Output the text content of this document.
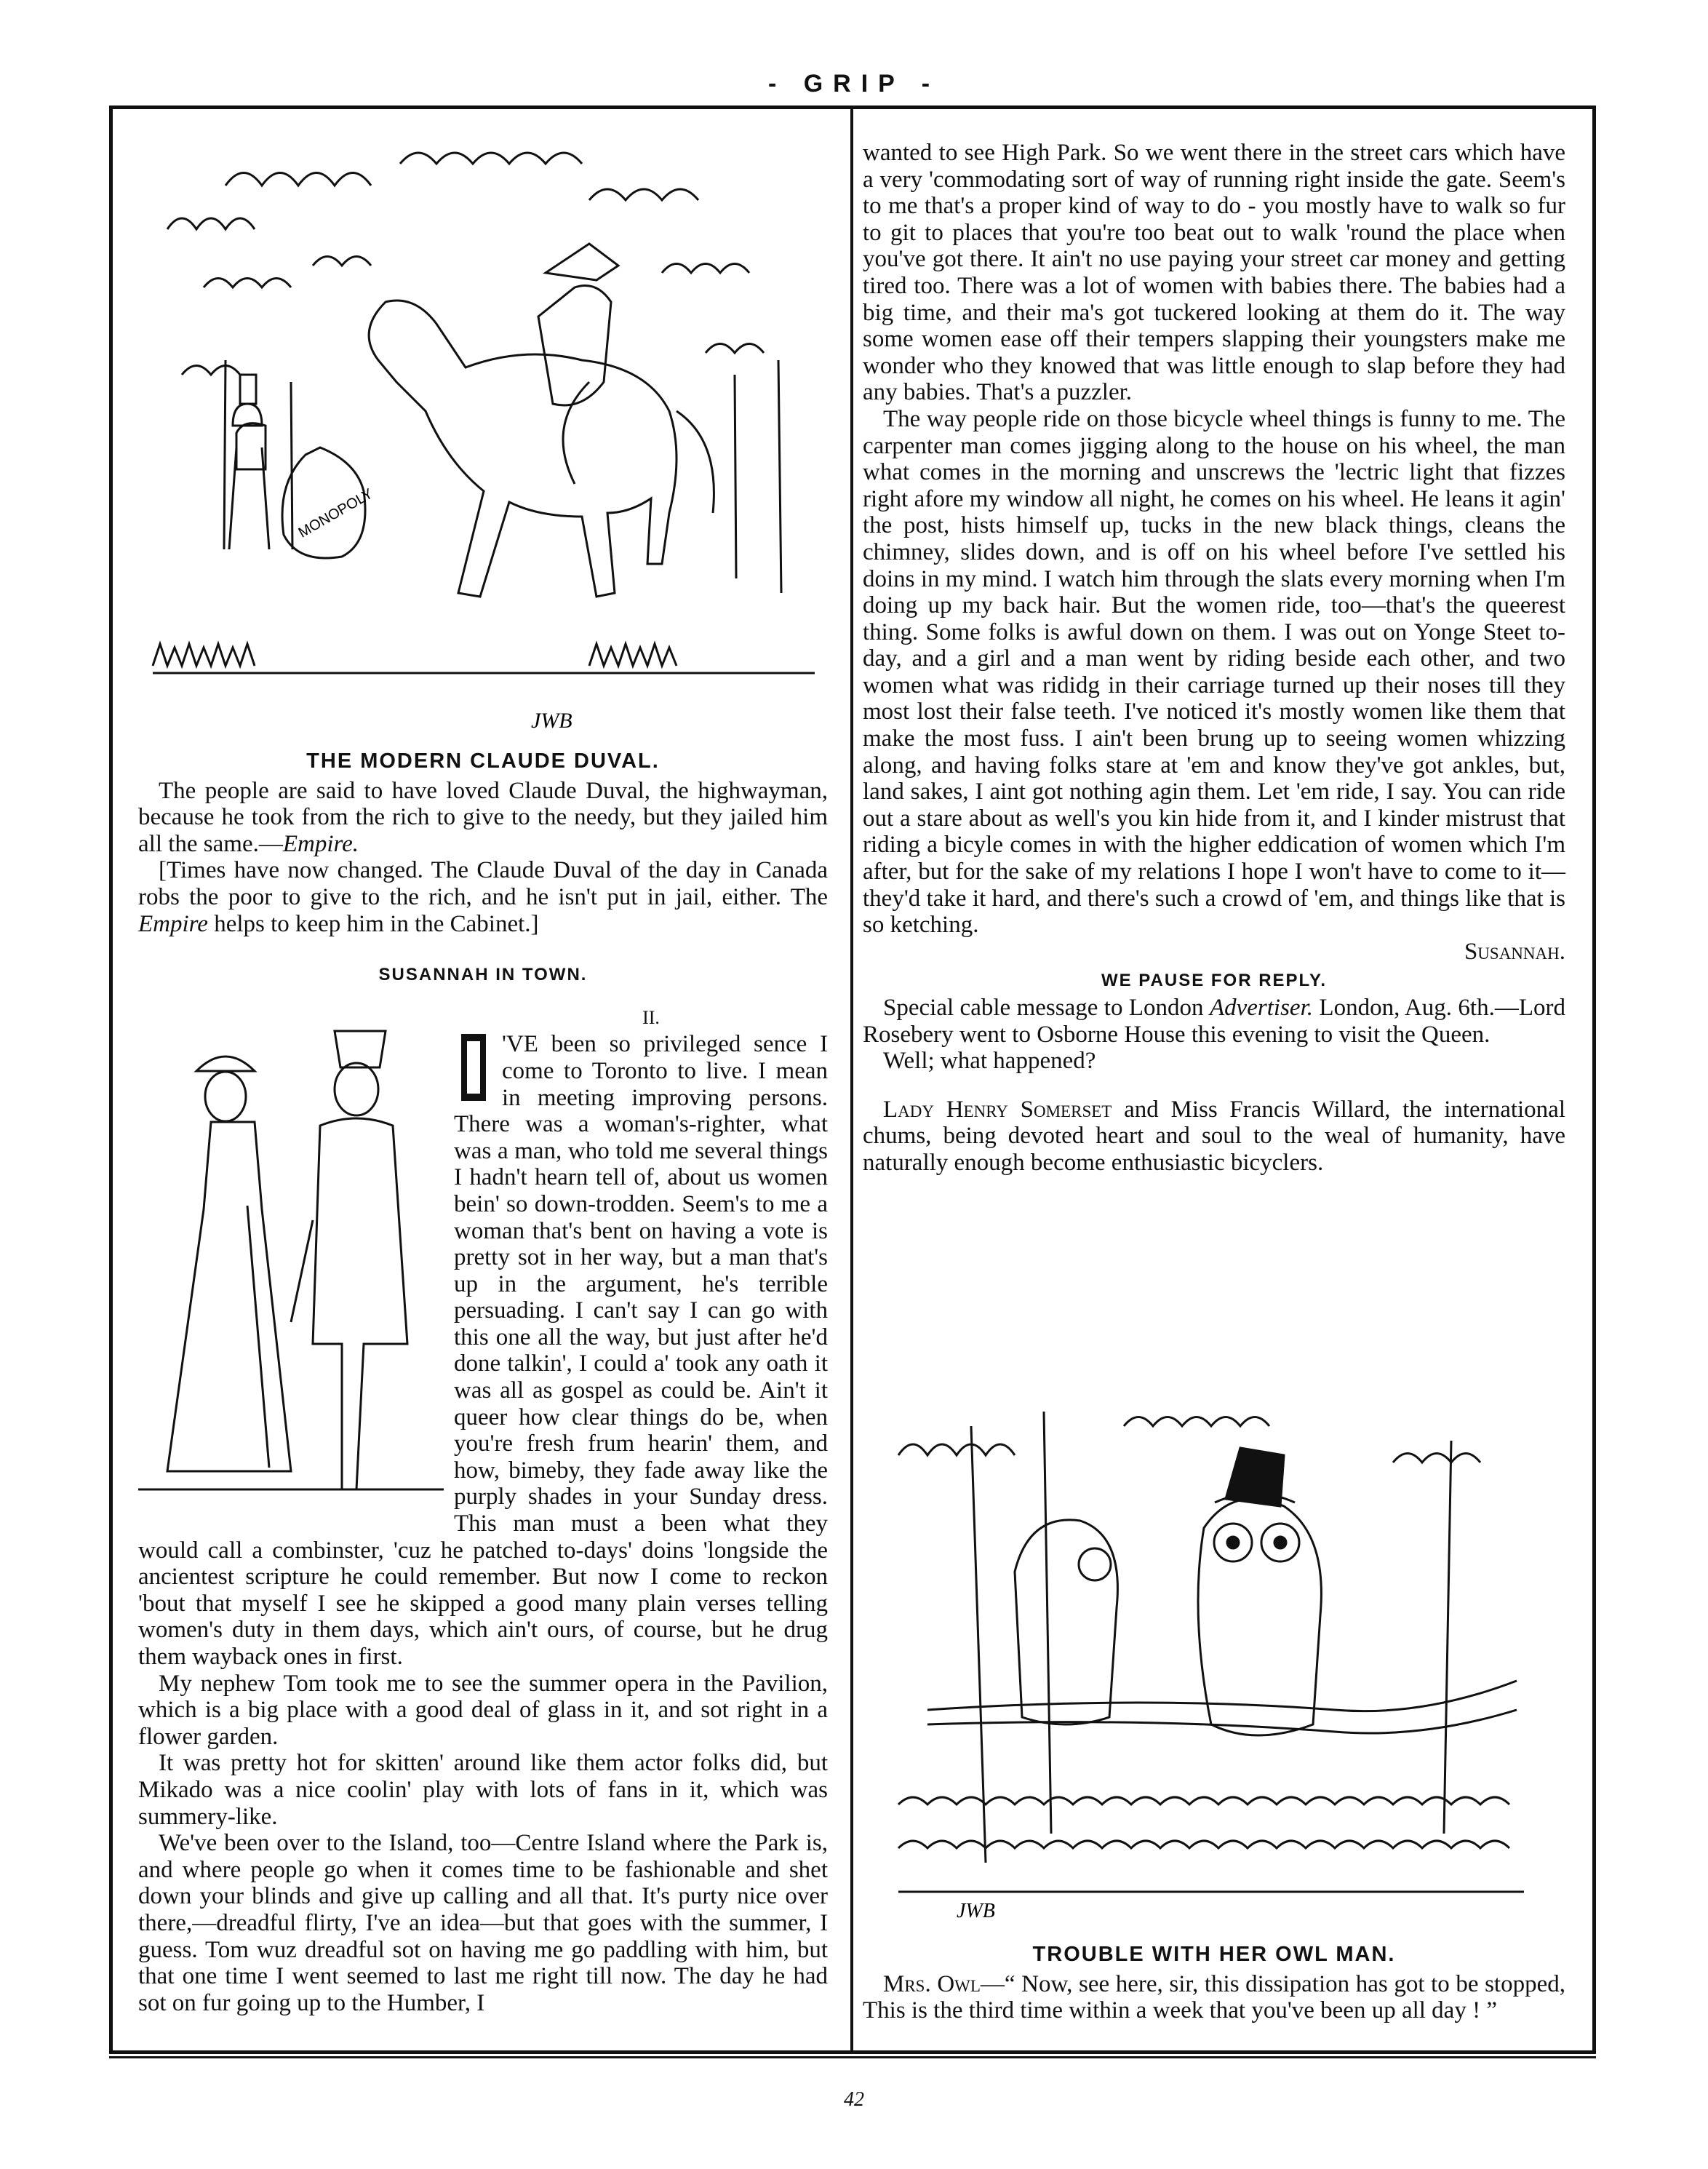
- GRIP -
MONOPOLY
JWB
THE MODERN CLAUDE DUVAL.

The people are said to have loved Claude Duval, the highwayman, because he took from the rich to give to the needy, but they jailed him all the same.—Empire.

[Times have now changed. The Claude Duval of the day in Canada robs the poor to give to the rich, and he isn't put in jail, either. The Empire helps to keep him in the Cabinet.]

SUSANNAH IN TOWN.

II.

'VE been so privileged sence I come to Toronto to live. I mean in meeting improving persons. There was a woman's-righter, what was a man, who told me several things I hadn't hearn tell of, about us women bein' so down-trodden. Seem's to me a woman that's bent on having a vote is pretty sot in her way, but a man that's up in the argument, he's terrible persuading. I can't say I can go with this one all the way, but just after he'd done talkin', I could a' took any oath it was all as gospel as could be. Ain't it queer how clear things do be, when you're fresh frum hearin' them, and how, bimeby, they fade away like the purply shades in your Sunday dress. This man must a been what they would call a combinster, 'cuz he patched to-days' doins 'longside the ancientest scripture he could remember. But now I come to reckon 'bout that myself I see he skipped a good many plain verses telling women's duty in them days, which ain't ours, of course, but he drug them wayback ones in first.

My nephew Tom took me to see the summer opera in the Pavilion, which is a big place with a good deal of glass in it, and sot right in a flower garden.

It was pretty hot for skitten' around like them actor folks did, but Mikado was a nice coolin' play with lots of fans in it, which was summery-like.

We've been over to the Island, too—Centre Island where the Park is, and where people go when it comes time to be fashionable and shet down your blinds and give up calling and all that. It's purty nice over there,—dreadful flirty, I've an idea—but that goes with the summer, I guess. Tom wuz dreadful sot on having me go paddling with him, but that one time I went seemed to last me right till now. The day he had sot on fur going up to the Humber, I

wanted to see High Park. So we went there in the street cars which have a very 'commodating sort of way of running right inside the gate. Seem's to me that's a proper kind of way to do - you mostly have to walk so fur to git to places that you're too beat out to walk 'round the place when you've got there. It ain't no use paying your street car money and getting tired too. There was a lot of women with babies there. The babies had a big time, and their ma's got tuckered looking at them do it. The way some women ease off their tempers slapping their youngsters make me wonder who they knowed that was little enough to slap before they had any babies. That's a puzzler.

The way people ride on those bicycle wheel things is funny to me. The carpenter man comes jigging along to the house on his wheel, the man what comes in the morning and unscrews the 'lectric light that fizzes right afore my window all night, he comes on his wheel. He leans it agin' the post, hists himself up, tucks in the new black things, cleans the chimney, slides down, and is off on his wheel before I've settled his doins in my mind. I watch him through the slats every morning when I'm doing up my back hair. But the women ride, too—that's the queerest thing. Some folks is awful down on them. I was out on Yonge Steet to-day, and a girl and a man went by riding beside each other, and two women what was rididg in their carriage turned up their noses till they most lost their false teeth. I've noticed it's mostly women like them that make the most fuss. I ain't been brung up to seeing women whizzing along, and having folks stare at 'em and know they've got ankles, but, land sakes, I aint got nothing agin them. Let 'em ride, I say. You can ride out a stare about as well's you kin hide from it, and I kinder mistrust that riding a bicyle comes in with the higher eddication of women which I'm after, but for the sake of my relations I hope I won't have to come to it—they'd take it hard, and there's such a crowd of 'em, and things like that is so ketching.

Susannah.

WE PAUSE FOR REPLY.

Special cable message to London Advertiser. London, Aug. 6th.—Lord Rosebery went to Osborne House this evening to visit the Queen.

Well; what happened?

Lady Henry Somerset and Miss Francis Willard, the international chums, being devoted heart and soul to the weal of humanity, have naturally enough become enthusiastic bicyclers.

JWB
TROUBLE WITH HER OWL MAN.

Mrs. Owl—“ Now, see here, sir, this dissipation has got to be stopped, This is the third time within a week that you've been up all day ! ”

42
